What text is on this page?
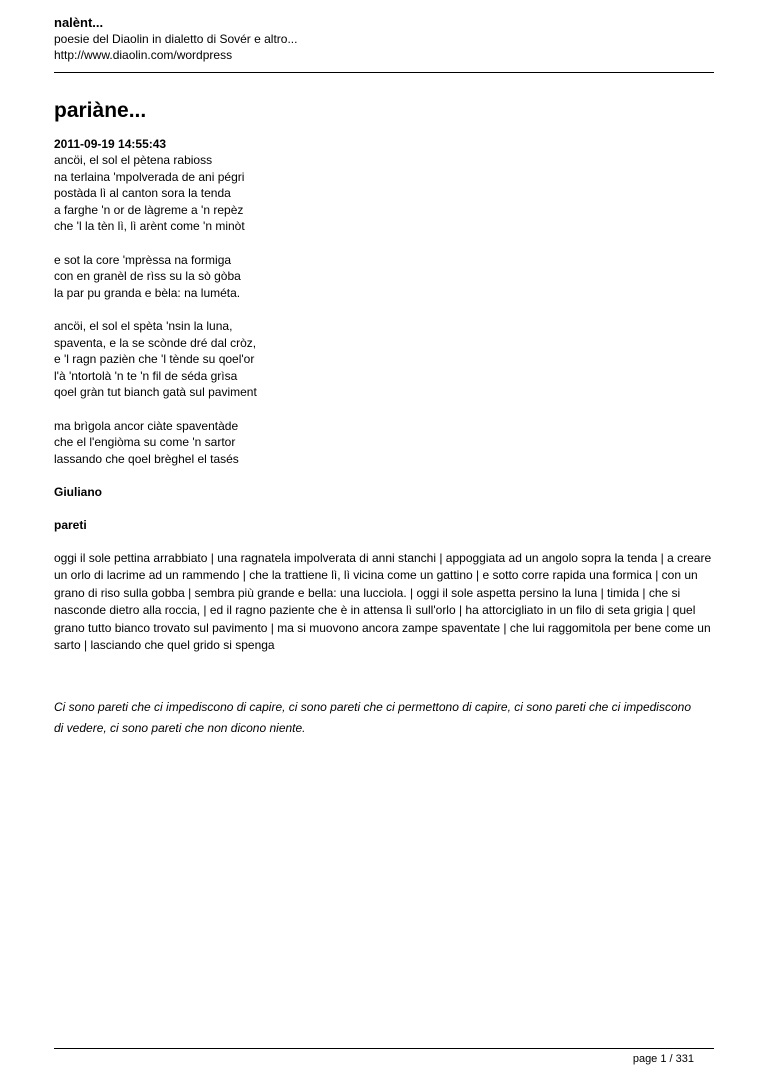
nalènt...
poesie del Diaolin in dialetto di Sovér e altro...
http://www.diaolin.com/wordpress
pariàne...
2011-09-19 14:55:43
ancöi, el sol el pètena rabioss
na terlaina 'mpolverada de ani pégri
postàda lì al canton sora la tenda
a farghe 'n or de làgreme a 'n repèz
che 'l la tèn lì, lì arènt come 'n minòt
e sot la core 'mprèssa na formiga
con en granèl de rìss su la sò gòba
la par pu granda e bèla: na luméta.
ancöi, el sol el spèta 'nsin la luna,
spaventa, e la se scònde dré dal cròz,
e 'l ragn pazièn che 'l tènde su qoel'or
l'à 'ntortolà 'n te 'n fil de séda grìsa
qoel gràn tut bianch gatà sul paviment
ma brìgola ancor ciàte spaventàde
che el l'engiòma su come 'n sartor
lassando che qoel brèghel el tasés
Giuliano
pareti
oggi il sole pettina arrabbiato | una ragnatela impolverata di anni stanchi | appoggiata ad un angolo sopra la tenda | a creare un orlo di lacrime ad un rammendo | che la trattiene lì, lì vicina come un gattino | e sotto corre rapida una formica | con un grano di riso sulla gobba | sembra più grande e bella: una lucciola. | oggi il sole aspetta persino la luna | timida | che si nasconde dietro alla roccia, | ed il ragno paziente che è in attensa lì sull'orlo | ha attorcigliato in un filo di seta grigia | quel grano tutto bianco trovato sul pavimento | ma si muovono ancora zampe spaventate | che lui raggomitola per bene come un sarto | lasciando che quel grido si spenga
Ci sono pareti che ci impediscono di capire, ci sono pareti che ci permettono di capire, ci sono pareti che ci impediscono di vedere, ci sono pareti che non dicono niente.
page 1 / 331
